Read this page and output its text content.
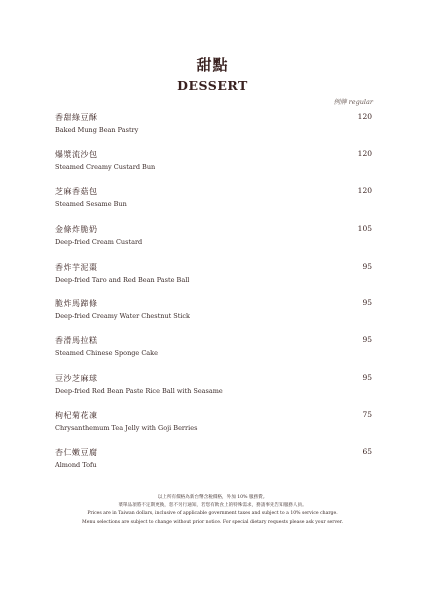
甜點
DESSERT
例牌 regular
香甜綠豆酥
Baked Mung Bean Pastry
120
爆漿流沙包
Steamed Creamy Custard Bun
120
芝麻香菇包
Steamed Sesame Bun
120
金條炸脆奶
Deep-fried Cream Custard
105
香炸芋泥棗
Deep-fried Taro and Red Bean Paste Ball
95
脆炸馬蹄條
Deep-fried Creamy Water Chestnut Stick
95
香滑馬拉糕
Steamed Chinese Sponge Cake
95
豆沙芝麻球
Deep-fried Red Bean Paste Rice Ball with Seasame
95
枸杞菊花凍
Chrysanthemum Tea Jelly with Goji Berries
75
杏仁嫩豆腐
Almond Tofu
65
以上所有價格為新台幣含稅價格，外加 10% 服務費。
菜單品項將不定期更換，恕不另行通知，若您有飲食上的特殊需求，務請事先告知服務人員。
Prices are in Taiwan dollars, inclusive of applicable government taxes and subject to a 10% service charge.
Menu selections are subject to change without prior notice. For special dietary requests please ask your server.
